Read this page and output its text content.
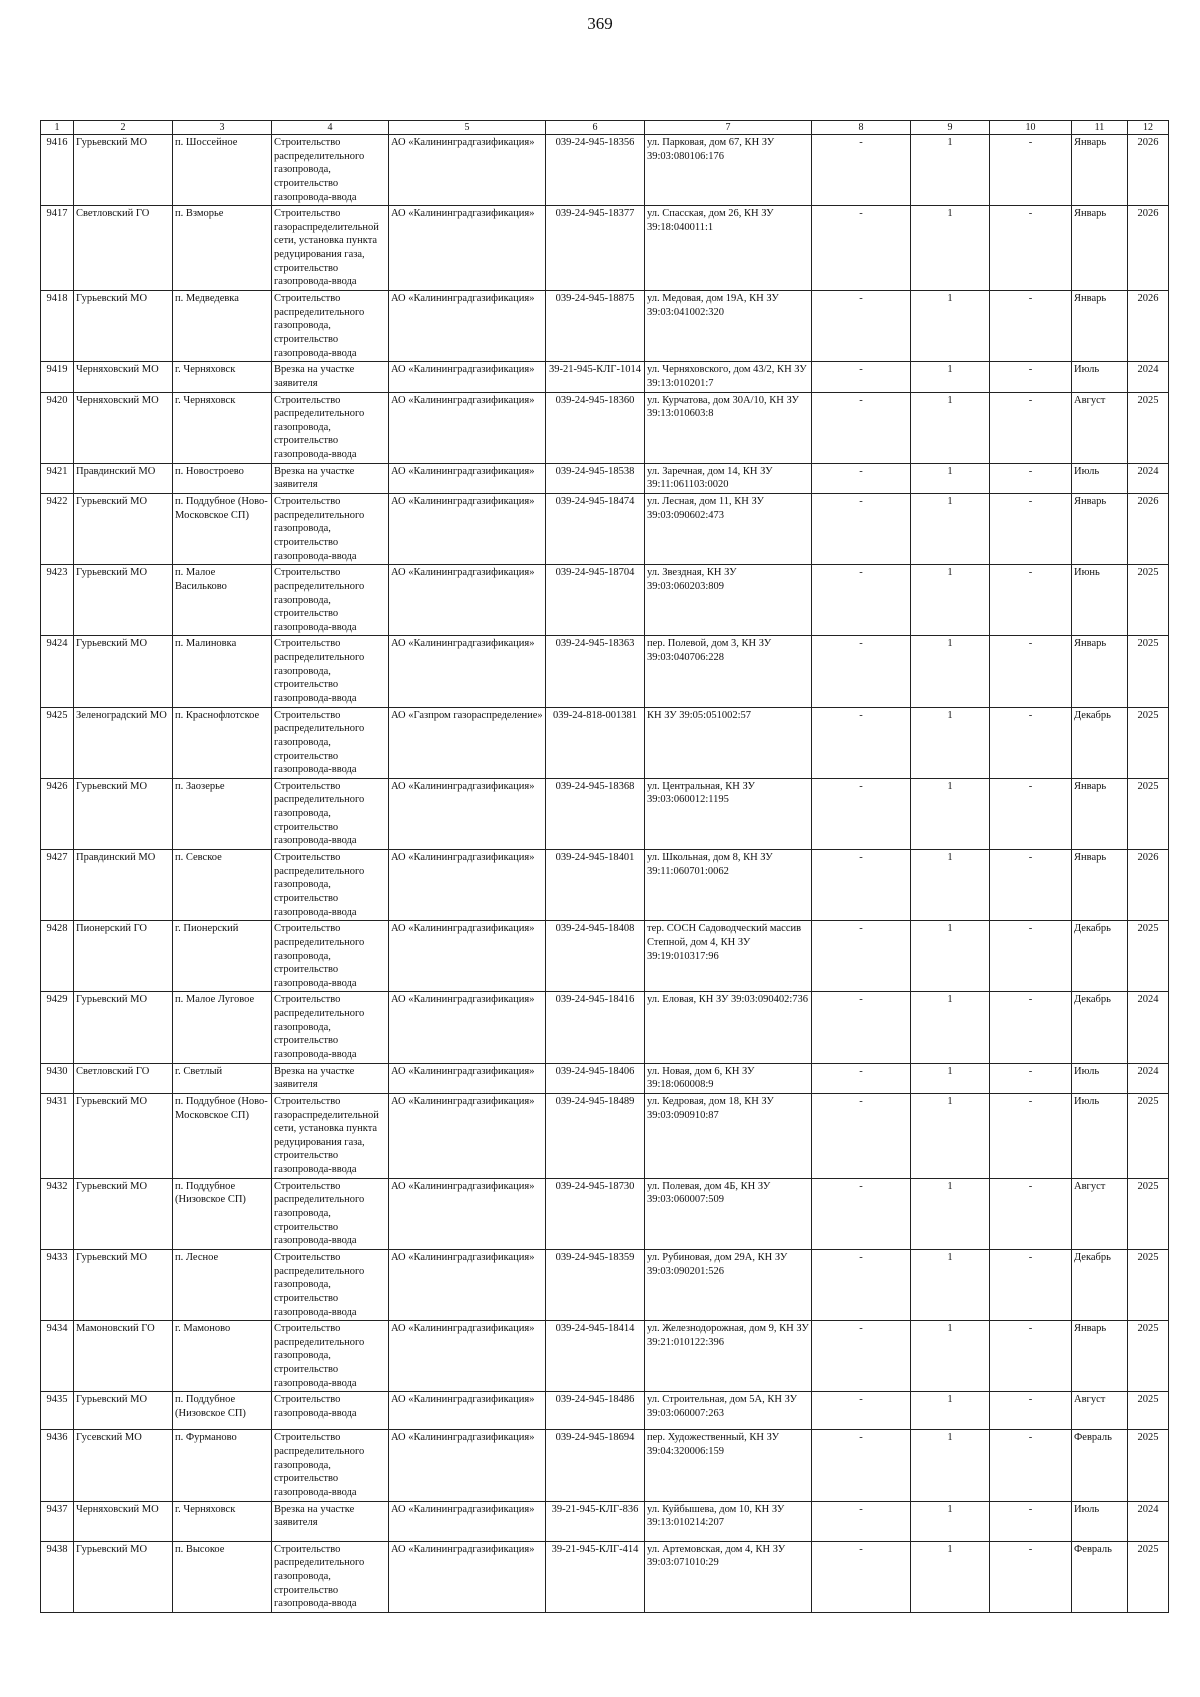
369
1	2	3	4	5	6	7	8	9	10	11	12
9416	Гурьевский МО	п. Шоссейное	Строительство распределительного газопровода, строительство газопровода-ввода	АО «Калининградгазификация»	039-24-945-18356	ул. Парковая, дом 67, КН ЗУ 39:03:080106:176	-	1	-	Январь	2026
9417	Светловский ГО	п. Взморье	Строительство газораспределительной сети, установка пункта редуцирования газа, строительство газопровода-ввода	АО «Калининградгазификация»	039-24-945-18377	ул. Спасская, дом 26, КН ЗУ 39:18:040011:1	-	1	-	Январь	2026
9418	Гурьевский МО	п. Медведевка	Строительство распределительного газопровода, строительство газопровода-ввода	АО «Калининградгазификация»	039-24-945-18875	ул. Медовая, дом 19А, КН ЗУ 39:03:041002:320	-	1	-	Январь	2026
9419	Черняховский МО	г. Черняховск	Врезка на участке заявителя	АО «Калининградгазификация»	39-21-945-КЛГ-1014	ул. Черняховского, дом 43/2, КН ЗУ 39:13:010201:7	-	1	-	Июль	2024
9420	Черняховский МО	г. Черняховск	Строительство распределительного газопровода, строительство газопровода-ввода	АО «Калининградгазификация»	039-24-945-18360	ул. Курчатова, дом 30А/10, КН ЗУ 39:13:010603:8	-	1	-	Август	2025
9421	Правдинский МО	п. Новостроево	Врезка на участке заявителя	АО «Калининградгазификация»	039-24-945-18538	ул. Заречная, дом 14, КН ЗУ 39:11:061103:0020	-	1	-	Июль	2024
9422	Гурьевский МО	п. Поддубное (Ново-Московское СП)	Строительство распределительного газопровода, строительство газопровода-ввода	АО «Калининградгазификация»	039-24-945-18474	ул. Лесная, дом 11, КН ЗУ 39:03:090602:473	-	1	-	Январь	2026
9423	Гурьевский МО	п. Малое Васильково	Строительство распределительного газопровода, строительство газопровода-ввода	АО «Калининградгазификация»	039-24-945-18704	ул. Звездная, КН ЗУ 39:03:060203:809	-	1	-	Июнь	2025
9424	Гурьевский МО	п. Малиновка	Строительство распределительного газопровода, строительство газопровода-ввода	АО «Калининградгазификация»	039-24-945-18363	пер. Полевой, дом 3, КН ЗУ 39:03:040706:228	-	1	-	Январь	2025
9425	Зеленоградский МО	п. Краснофлотское	Строительство распределительного газопровода, строительство газопровода-ввода	АО «Газпром газораспределение»	039-24-818-001381	КН ЗУ 39:05:051002:57	-	1	-	Декабрь	2025
9426	Гурьевский МО	п. Заозерье	Строительство распределительного газопровода, строительство газопровода-ввода	АО «Калининградгазификация»	039-24-945-18368	ул. Центральная, КН ЗУ 39:03:060012:1195	-	1	-	Январь	2025
9427	Правдинский МО	п. Севское	Строительство распределительного газопровода, строительство газопровода-ввода	АО «Калининградгазификация»	039-24-945-18401	ул. Школьная, дом 8, КН ЗУ 39:11:060701:0062	-	1	-	Январь	2026
9428	Пионерский ГО	г. Пионерский	Строительство распределительного газопровода, строительство газопровода-ввода	АО «Калининградгазификация»	039-24-945-18408	тер. СОСН Садоводческий массив Степной, дом 4, КН ЗУ 39:19:010317:96	-	1	-	Декабрь	2025
9429	Гурьевский МО	п. Малое Луговое	Строительство распределительного газопровода, строительство газопровода-ввода	АО «Калининградгазификация»	039-24-945-18416	ул. Еловая, КН ЗУ 39:03:090402:736	-	1	-	Декабрь	2024
9430	Светловский ГО	г. Светлый	Врезка на участке заявителя	АО «Калининградгазификация»	039-24-945-18406	ул. Новая, дом 6, КН ЗУ 39:18:060008:9	-	1	-	Июль	2024
9431	Гурьевский МО	п. Поддубное (Ново-Московское СП)	Строительство газораспределительной сети, установка пункта редуцирования газа, строительство газопровода-ввода	АО «Калининградгазификация»	039-24-945-18489	ул. Кедровая, дом 18, КН ЗУ 39:03:090910:87	-	1	-	Июль	2025
9432	Гурьевский МО	п. Поддубное (Низовское СП)	Строительство распределительного газопровода, строительство газопровода-ввода	АО «Калининградгазификация»	039-24-945-18730	ул. Полевая, дом 4Б, КН ЗУ 39:03:060007:509	-	1	-	Август	2025
9433	Гурьевский МО	п. Лесное	Строительство распределительного газопровода, строительство газопровода-ввода	АО «Калининградгазификация»	039-24-945-18359	ул. Рубиновая, дом 29А, КН ЗУ 39:03:090201:526	-	1	-	Декабрь	2025
9434	Мамоновский ГО	г. Мамоново	Строительство распределительного газопровода, строительство газопровода-ввода	АО «Калининградгазификация»	039-24-945-18414	ул. Железнодорожная, дом 9, КН ЗУ 39:21:010122:396	-	1	-	Январь	2025
9435	Гурьевский МО	п. Поддубное (Низовское СП)	Строительство газопровода-ввода	АО «Калининградгазификация»	039-24-945-18486	ул. Строительная, дом 5А, КН ЗУ 39:03:060007:263	-	1	-	Август	2025
9436	Гусевский МО	п. Фурманово	Строительство распределительного газопровода, строительство газопровода-ввода	АО «Калининградгазификация»	039-24-945-18694	пер. Художественный, КН ЗУ 39:04:320006:159	-	1	-	Февраль	2025
9437	Черняховский МО	г. Черняховск	Врезка на участке заявителя	АО «Калининградгазификация»	39-21-945-КЛГ-836	ул. Куйбышева, дом 10, КН ЗУ 39:13:010214:207	-	1	-	Июль	2024
9438	Гурьевский МО	п. Высокое	Строительство распределительного газопровода, строительство газопровода-ввода	АО «Калининградгазификация»	39-21-945-КЛГ-414	ул. Артемовская, дом 4, КН ЗУ 39:03:071010:29	-	1	-	Февраль	2025
